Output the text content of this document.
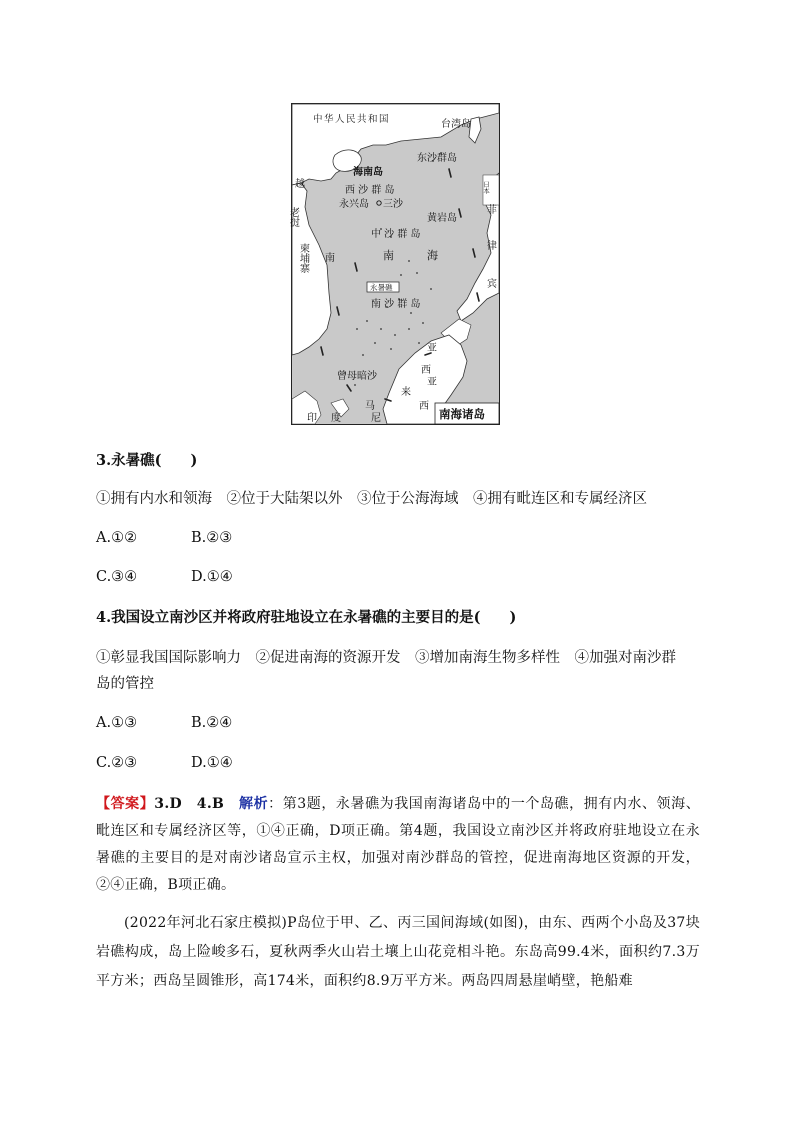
中华人民共和国	台湾岛
海南岛
东沙群岛
西 沙 群 岛
永兴岛 三沙
黄岩岛
中 沙 群 岛
南	海
永暑礁
南 沙 群 岛
曾母暗沙
越
老挝
柬埔寨 南
日本
菲
律
宾
亚
西
亚
来
西
马
印 度	尼	南海诸岛
3.永暑礁(　　)
①拥有内水和领海　②位于大陆架以外　③位于公海海域　④拥有毗连区和专属经济区
A.①②	B.②③
C.③④	D.①④
4.我国设立南沙区并将政府驻地设立在永暑礁的主要目的是(　　)
①彰显我国国际影响力　②促进南海的资源开发　③增加南海生物多样性　④加强对南沙群
岛的管控
A.①③	B.②④
C.②③	D.①④
【答案】3.D　4.B　解析：第3题，永暑礁为我国南海诸岛中的一个岛礁，拥有内水、领海、毗连区和专属经济区等，①④正确，D项正确。第4题，我国设立南沙区并将政府驻地设立在永暑礁的主要目的是对南沙诸岛宣示主权，加强对南沙群岛的管控，促进南海地区资源的开发，②④正确，B项正确。
(2022年河北石家庄模拟)P岛位于甲、乙、丙三国间海域(如图)，由东、西两个小岛及37块岩礁构成，岛上险峻多石，夏秋两季火山岩土壤上山花竞相斗艳。东岛高99.4米，面积约7.3万平方米；西岛呈圆锥形，高174米，面积约8.9万平方米。两岛四周悬崖峭壁，艳船难
